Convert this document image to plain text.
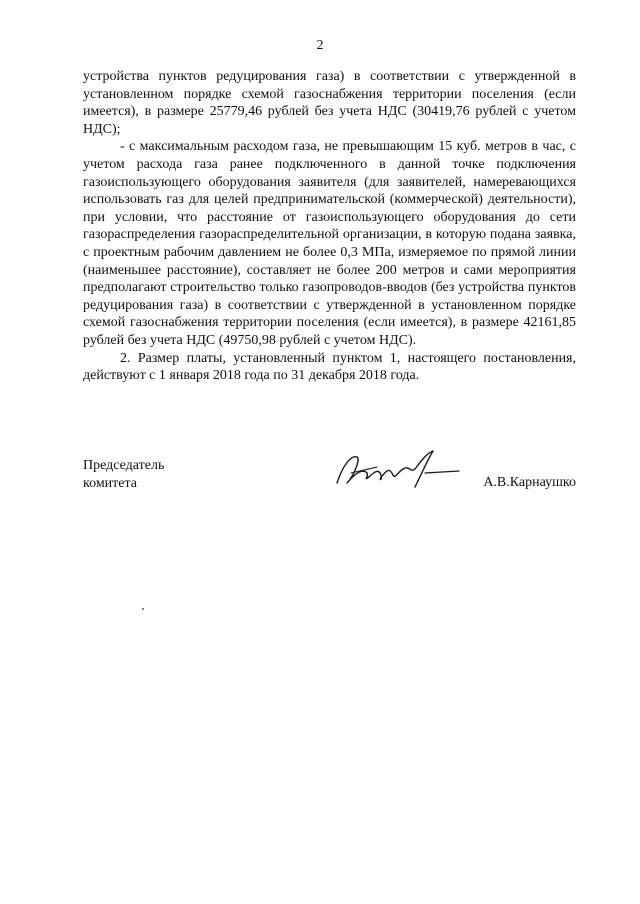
2

устройства пунктов редуцирования газа) в соответствии с утвержденной в установленном порядке схемой газоснабжения территории поселения (если имеется), в размере 25779,46 рублей без учета НДС (30419,76 рублей с учетом НДС);

- с максимальным расходом газа, не превышающим 15 куб. метров в час, с учетом расхода газа ранее подключенного в данной точке подключения газоиспользующего оборудования заявителя (для заявителей, намеревающихся использовать газ для целей предпринимательской (коммерческой) деятельности), при условии, что расстояние от газоиспользующего оборудования до сети газораспределения газораспределительной организации, в которую подана заявка, с проектным рабочим давлением не более 0,3 МПа, измеряемое по прямой линии (наименьшее расстояние), составляет не более 200 метров и сами мероприятия предполагают строительство только газопроводов-вводов (без устройства пунктов редуцирования газа) в соответствии с утвержденной в установленном порядке схемой газоснабжения территории поселения (если имеется), в размере 42161,85 рублей без учета НДС (49750,98 рублей с учетом НДС).

2. Размер платы, установленный пунктом 1, настоящего постановления, действуют с 1 января 2018 года по 31 декабря 2018 года.

Председатель
комитета	А.В.Карнаушко
